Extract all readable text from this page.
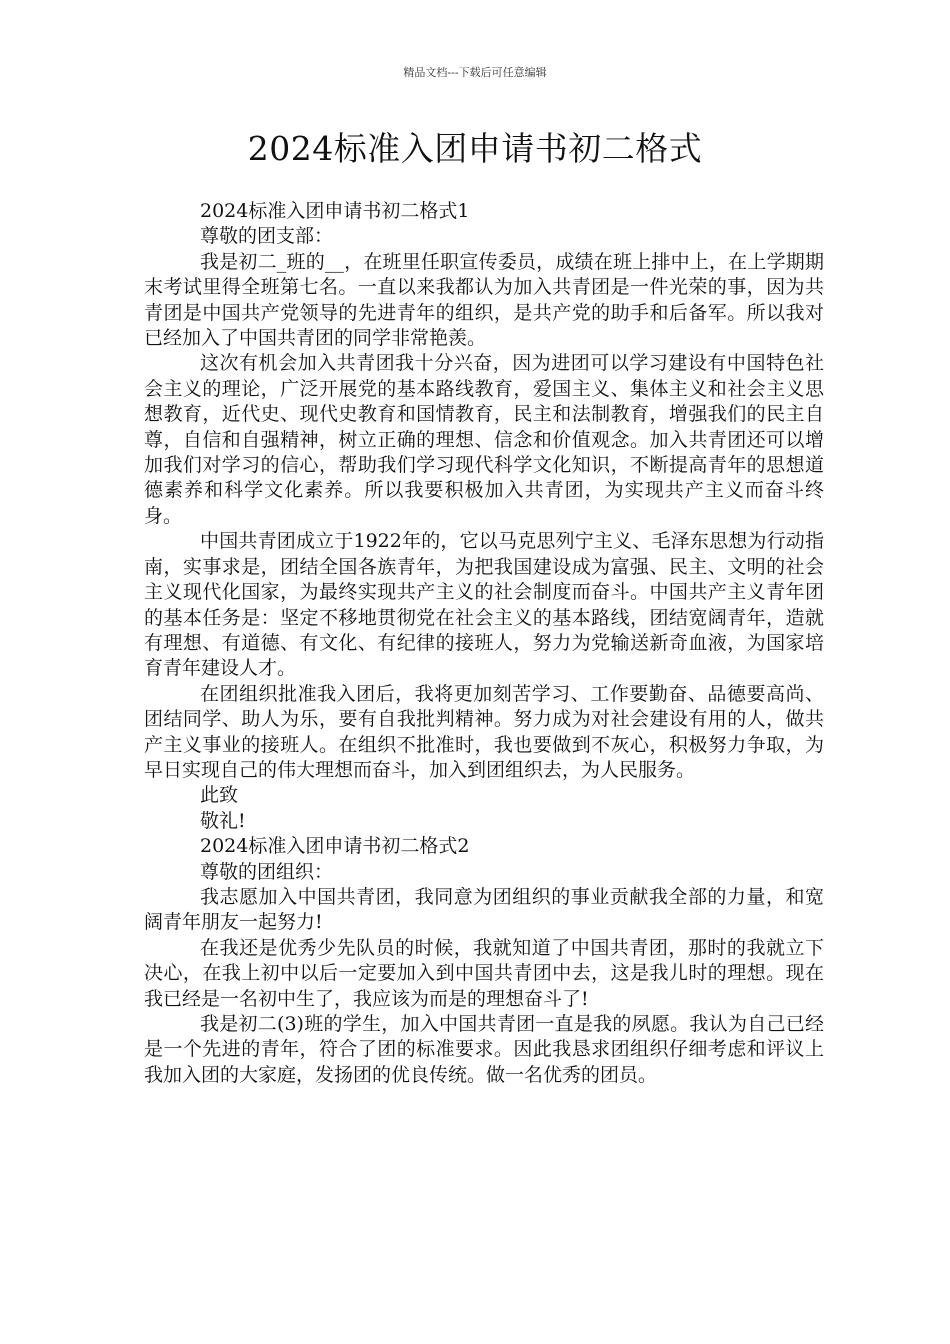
精品文档---下载后可任意编辑
2024标准入团申请书初二格式

2024标准入团申请书初二格式1

尊敬的团支部：

我是初二_班的__，在班里任职宣传委员，成绩在班上排中上，在上学期期末考试里得全班第七名。一直以来我都认为加入共青团是一件光荣的事，因为共青团是中国共产党领导的先进青年的组织，是共产党的助手和后备军。所以我对已经加入了中国共青团的同学非常艳羡。

这次有机会加入共青团我十分兴奋，因为进团可以学习建设有中国特色社会主义的理论，广泛开展党的基本路线教育，爱国主义、集体主义和社会主义思想教育，近代史、现代史教育和国情教育，民主和法制教育，增强我们的民主自尊，自信和自强精神，树立正确的理想、信念和价值观念。加入共青团还可以增加我们对学习的信心，帮助我们学习现代科学文化知识，不断提高青年的思想道德素养和科学文化素养。所以我要积极加入共青团，为实现共产主义而奋斗终身。

中国共青团成立于1922年的，它以马克思列宁主义、毛泽东思想为行动指南，实事求是，团结全国各族青年，为把我国建设成为富强、民主、文明的社会主义现代化国家，为最终实现共产主义的社会制度而奋斗。中国共产主义青年团的基本任务是：坚定不移地贯彻党在社会主义的基本路线，团结宽阔青年，造就有理想、有道德、有文化、有纪律的接班人，努力为党输送新奇血液，为国家培育青年建设人才。

在团组织批准我入团后，我将更加刻苦学习、工作要勤奋、品德要高尚、团结同学、助人为乐，要有自我批判精神。努力成为对社会建设有用的人，做共产主义事业的接班人。在组织不批准时，我也要做到不灰心，积极努力争取，为早日实现自己的伟大理想而奋斗，加入到团组织去，为人民服务。

此致

敬礼!

2024标准入团申请书初二格式2

尊敬的团组织：

我志愿加入中国共青团，我同意为团组织的事业贡献我全部的力量，和宽阔青年朋友一起努力!

在我还是优秀少先队员的时候，我就知道了中国共青团，那时的我就立下决心，在我上初中以后一定要加入到中国共青团中去，这是我儿时的理想。现在我已经是一名初中生了，我应该为而是的理想奋斗了!

我是初二(3)班的学生，加入中国共青团一直是我的夙愿。我认为自己已经是一个先进的青年，符合了团的标准要求。因此我恳求团组织仔细考虑和评议上我加入团的大家庭，发扬团的优良传统。做一名优秀的团员。
